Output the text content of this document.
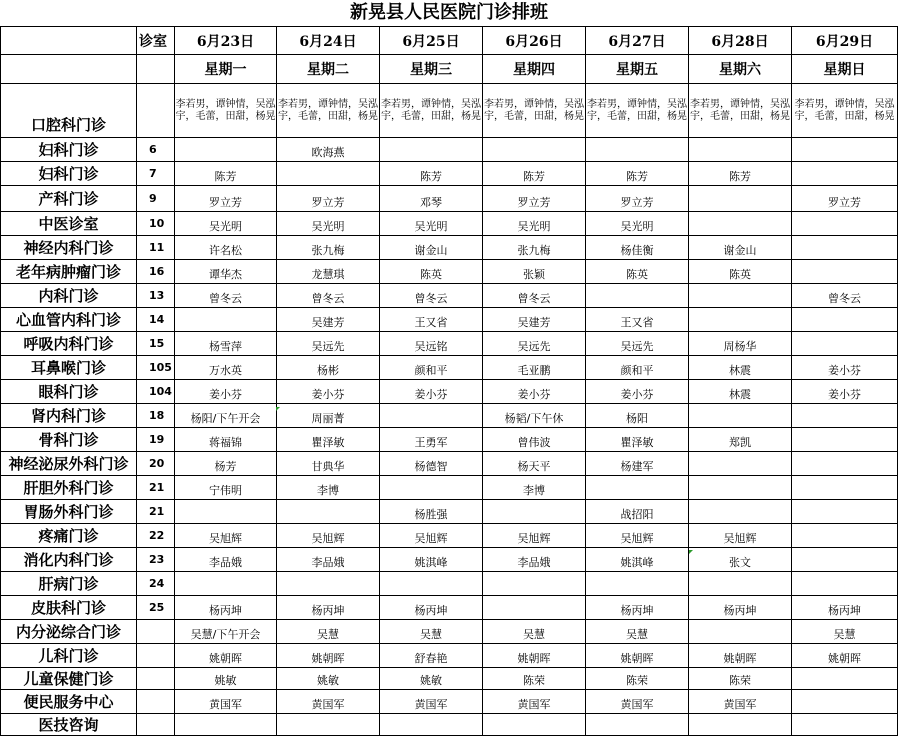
新晃县人民医院门诊排班
	诊室	6月23日	6月24日	6月25日	6月26日	6月27日	6月28日	6月29日
		星期一	星期二	星期三	星期四	星期五	星期六	星期日
口腔科门诊		李若男，谭钟情，吴泓宇，毛蕾，田甜，杨晃	李若男，谭钟情，吴泓宇，毛蕾，田甜，杨晃	李若男，谭钟情，吴泓宇，毛蕾，田甜，杨晃	李若男，谭钟情，吴泓宇，毛蕾，田甜，杨晃	李若男，谭钟情，吴泓宇，毛蕾，田甜，杨晃	李若男，谭钟情，吴泓宇，毛蕾，田甜，杨晃	李若男，谭钟情，吴泓宇，毛蕾，田甜，杨晃
妇科门诊	6		欧海燕					
妇科门诊	7	陈芳		陈芳	陈芳	陈芳	陈芳	
产科门诊	9	罗立芳	罗立芳	邓琴	罗立芳	罗立芳		罗立芳
中医诊室	10	吴光明	吴光明	吴光明	吴光明	吴光明		
神经内科门诊	11	许名松	张九梅	谢金山	张九梅	杨佳衡	谢金山	
老年病肿瘤门诊	16	谭华杰	龙慧琪	陈英	张颖	陈英	陈英	
内科门诊	13	曾冬云	曾冬云	曾冬云	曾冬云			曾冬云
心血管内科门诊	14		吴建芳	王又省	吴建芳	王又省		
呼吸内科门诊	15	杨雪萍	吴远先	吴远铭	吴远先	吴远先	周杨华	
耳鼻喉门诊	105	万水英	杨彬	颜和平	毛亚鹏	颜和平	林震	姜小芬
眼科门诊	104	姜小芬	姜小芬	姜小芬	姜小芬	姜小芬	林震	姜小芬
肾内科门诊	18	杨阳/下午开会	周丽菁		杨韬/下午休	杨阳		
骨科门诊	19	蒋福锦	瞿泽敏	王勇军	曾伟波	瞿泽敏	郑凯	
神经泌尿外科门诊	20	杨芳	甘典华	杨德智	杨天平	杨建军		
肝胆外科门诊	21	宁伟明	李博		李博			
胃肠外科门诊	21			杨胜强		战招阳		
疼痛门诊	22	吴旭辉	吴旭辉	吴旭辉	吴旭辉	吴旭辉	吴旭辉	
消化内科门诊	23	李品娥	李品娥	姚淇峰	李品娥	姚淇峰	张文	
肝病门诊	24							
皮肤科门诊	25	杨丙坤	杨丙坤	杨丙坤		杨丙坤	杨丙坤	杨丙坤
内分泌综合门诊		吴慧/下午开会	吴慧	吴慧	吴慧	吴慧		吴慧
儿科门诊		姚朝晖	姚朝晖	舒春艳	姚朝晖	姚朝晖	姚朝晖	姚朝晖
儿童保健门诊		姚敏	姚敏	姚敏	陈荣	陈荣	陈荣	
便民服务中心		黄国军	黄国军	黄国军	黄国军	黄国军	黄国军	
医技咨询								
